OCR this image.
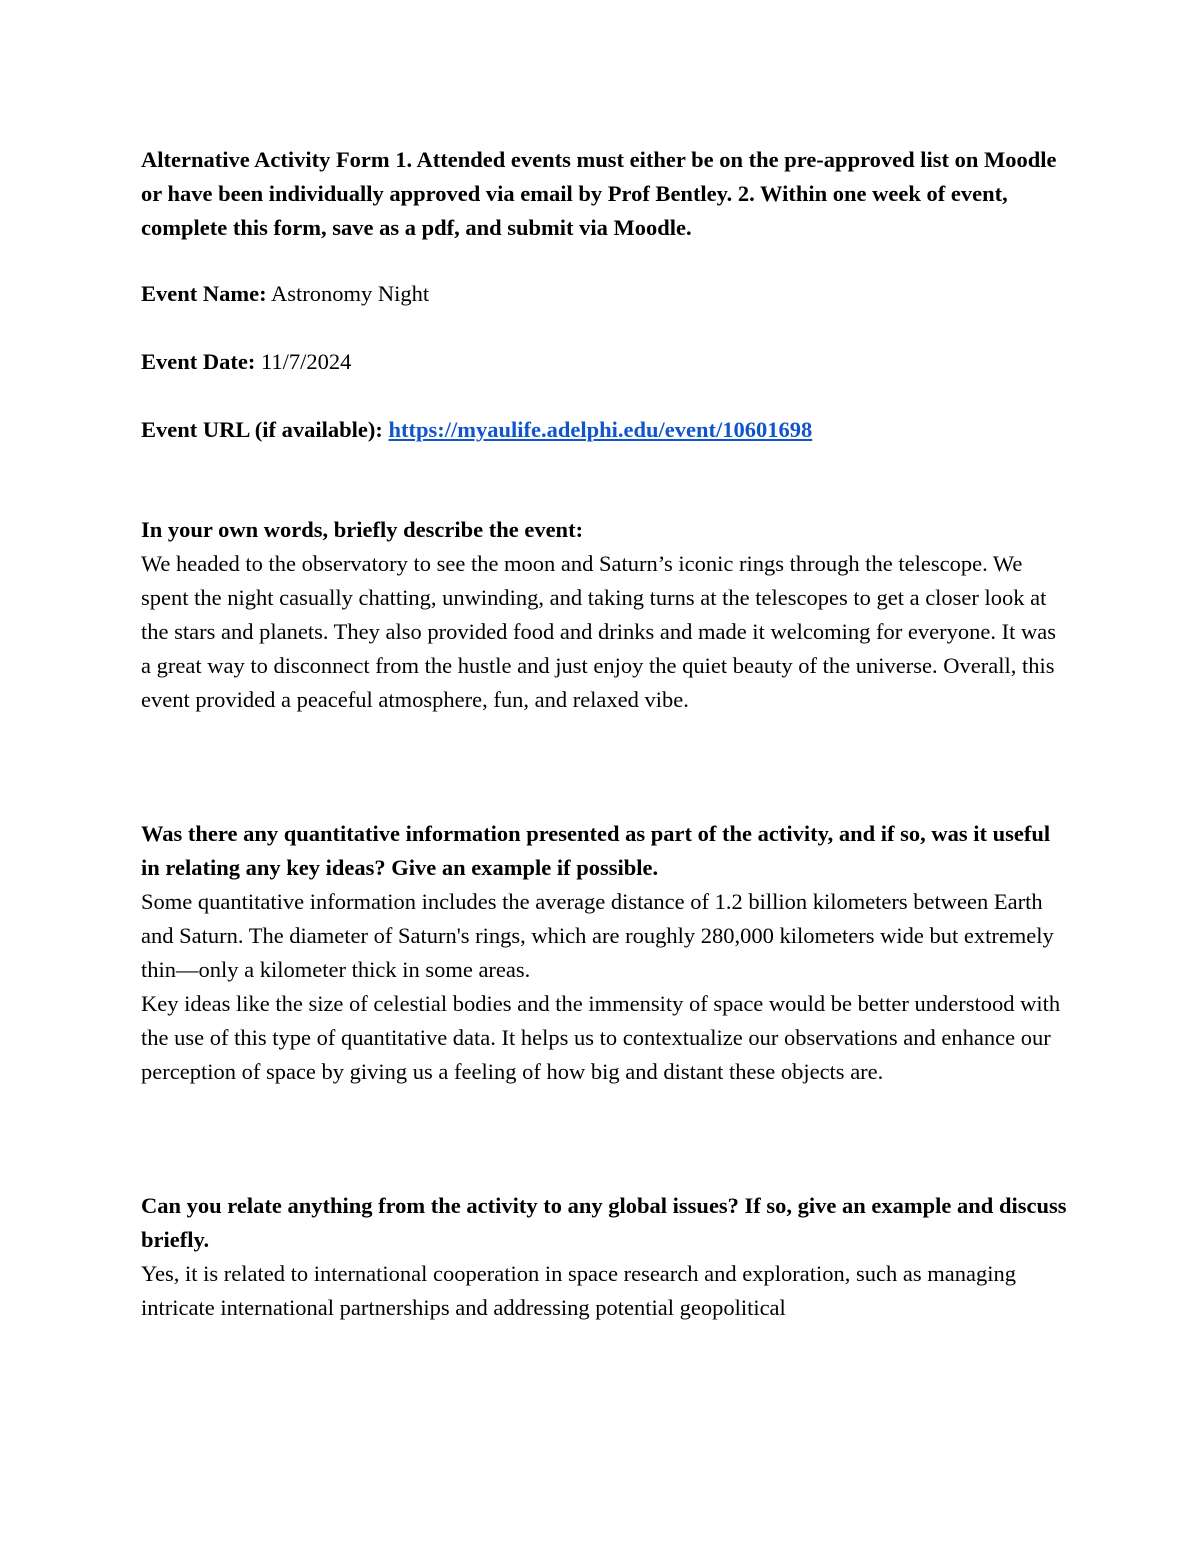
Alternative Activity Form 1. Attended events must either be on the pre-approved list on Moodle or have been individually approved via email by Prof Bentley. 2. Within one week of event, complete this form, save as a pdf, and submit via Moodle.

Event Name: Astronomy Night

Event Date: 11/7/2024

Event URL (if available): https://myaulife.adelphi.edu/event/10601698

In your own words, briefly describe the event:

We headed to the observatory to see the moon and Saturn’s iconic rings through the telescope. We spent the night casually chatting, unwinding, and taking turns at the telescopes to get a closer look at the stars and planets. They also provided food and drinks and made it welcoming for everyone. It was a great way to disconnect from the hustle and just enjoy the quiet beauty of the universe. Overall, this event provided a peaceful atmosphere, fun, and relaxed vibe.

Was there any quantitative information presented as part of the activity, and if so, was it useful in relating any key ideas? Give an example if possible.

Some quantitative information includes the average distance of 1.2 billion kilometers between Earth and Saturn. The diameter of Saturn's rings, which are roughly 280,000 kilometers wide but extremely thin—only a kilometer thick in some areas.

Key ideas like the size of celestial bodies and the immensity of space would be better understood with the use of this type of quantitative data. It helps us to contextualize our observations and enhance our perception of space by giving us a feeling of how big and distant these objects are.

Can you relate anything from the activity to any global issues? If so, give an example and discuss briefly.

Yes, it is related to international cooperation in space research and exploration, such as managing intricate international partnerships and addressing potential geopolitical
